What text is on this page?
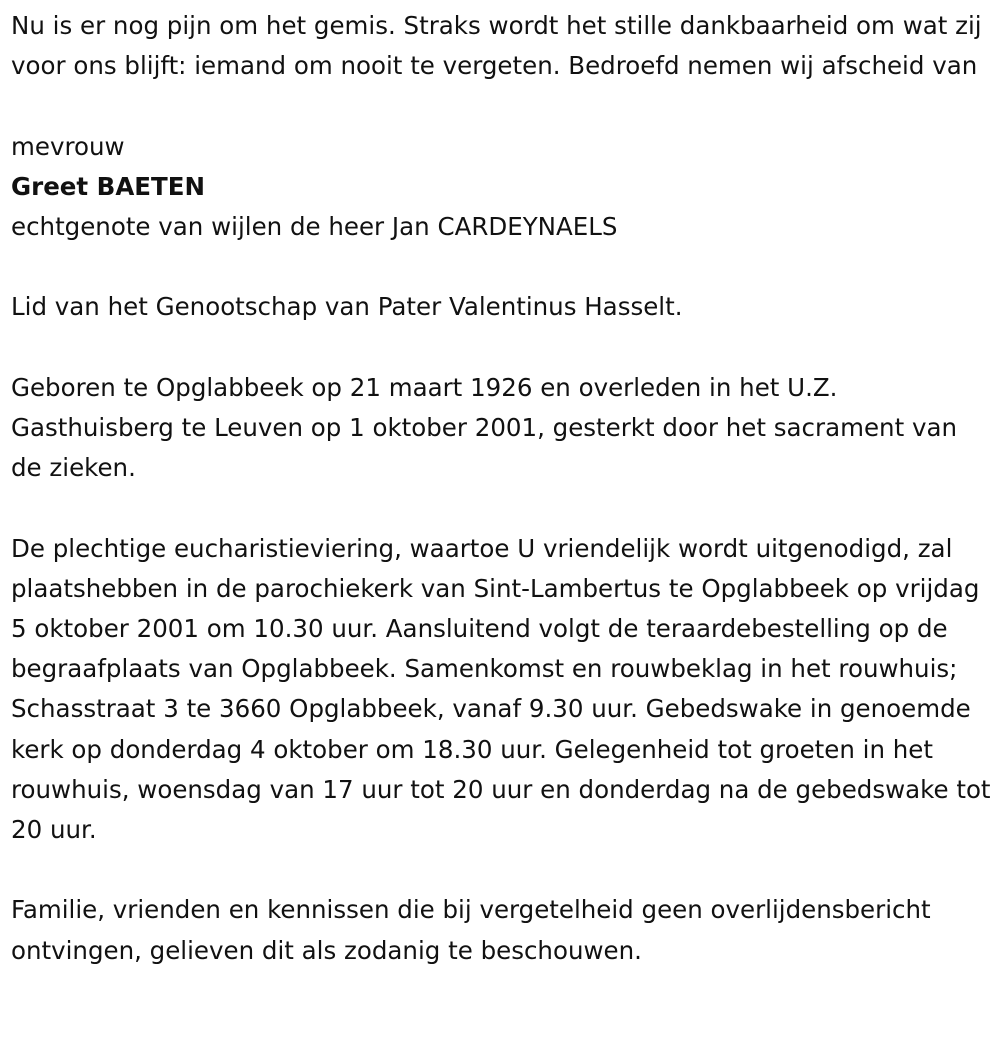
Nu is er nog pijn om het gemis. Straks wordt het stille dankbaarheid om wat zij voor ons blijft: iemand om nooit te vergeten. Bedroefd nemen wij afscheid van

mevrouw

Greet BAETEN

echtgenote van wijlen de heer Jan CARDEYNAELS

Lid van het Genootschap van Pater Valentinus Hasselt.

Geboren te Opglabbeek op 21 maart 1926 en overleden in het U.Z. Gasthuisberg te Leuven op 1 oktober 2001, gesterkt door het sacrament van de zieken.

De plechtige eucharistieviering, waartoe U vriendelijk wordt uitgenodigd, zal plaatshebben in de parochiekerk van Sint-Lambertus te Opglabbeek op vrijdag 5 oktober 2001 om 10.30 uur. Aansluitend volgt de teraardebestelling op de begraafplaats van Opglabbeek. Samenkomst en rouwbeklag in het rouwhuis; Schasstraat 3 te 3660 Opglabbeek, vanaf 9.30 uur. Gebedswake in genoemde kerk op donderdag 4 oktober om 18.30 uur. Gelegenheid tot groeten in het rouwhuis, woensdag van 17 uur tot 20 uur en donderdag na de gebedswake tot 20 uur.

Familie, vrienden en kennissen die bij vergetelheid geen overlijdensbericht ontvingen, gelieven dit als zodanig te beschouwen.
